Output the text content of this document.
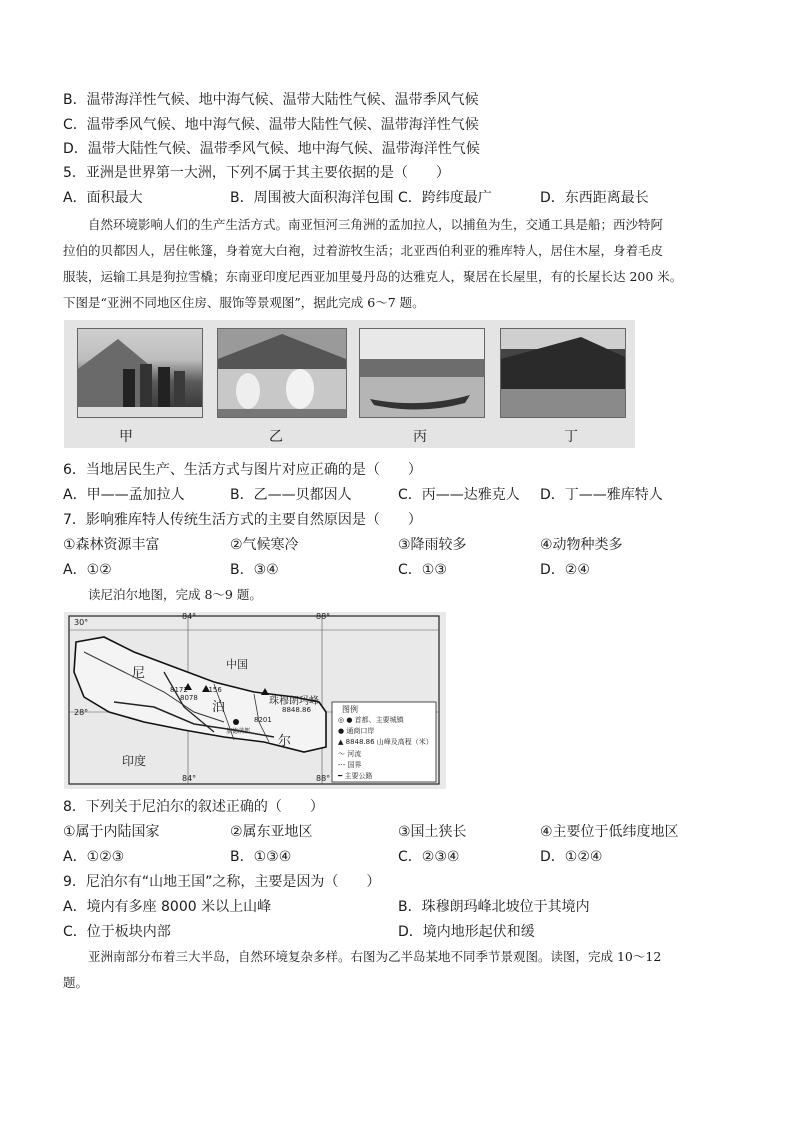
B．温带海洋性气候、地中海气候、温带大陆性气候、温带季风气候
C．温带季风气候、地中海气候、温带大陆性气候、温带海洋性气候
D．温带大陆性气候、温带季风气候、地中海气候、温带海洋性气候
5．亚洲是世界第一大洲，下列不属于其主要依据的是（　　）
A．面积最大	B．周围被大面积海洋包围 C．跨纬度最广	D．东西距离最长
　　自然环境影响人们的生产生活方式。南亚恒河三角洲的孟加拉人，以捕鱼为生，交通工具是船；西沙特阿
拉伯的贝都因人，居住帐篷，身着宽大白袍，过着游牧生活；北亚西伯利亚的雅库特人，居住木屋，身着毛皮
服装，运输工具是狗拉雪橇；东南亚印度尼西亚加里曼丹岛的达雅克人，聚居在长屋里，有的长屋长达 200 米。
下图是“亚洲不同地区住房、服饰等景观图”，据此完成 6～7 题。
甲	乙	丙	丁
6．当地居民生产、生活方式与图片对应正确的是（　　）
A．甲——孟加拉人	B．乙——贝都因人	C．丙——达雅克人 D．丁——雅库特人
7．影响雅库特人传统生活方式的主要自然原因是（　　）
①森林资源丰富	②气候寒冷	③降雨较多	④动物种类多
A．①②	B．③④	C．①③	D．②④
　　读尼泊尔地图，完成 8～9 题。
30°
28°
84°	88°
84°	88°
中国
尼
泊
尔
印度
珠穆朗玛峰
8848.86
8172
8078
8156
8201
加德满都
图例
◎ ● 首都、主要城镇
● 通商口岸
▲ 8848.86 山峰及高程（米）
～ 河流
-·- 国界
━ 主要公路
8．下列关于尼泊尔的叙述正确的（　　）
①属于内陆国家	②属东亚地区	③国土狭长	④主要位于低纬度地区
A．①②③	B．①③④	C．②③④	D．①②④
9．尼泊尔有“山地王国”之称，主要是因为（　　）
A．境内有多座 8000 米以上山峰	B．珠穆朗玛峰北坡位于其境内
C．位于板块内部	D．境内地形起伏和缓
　　亚洲南部分布着三大半岛，自然环境复杂多样。右图为乙半岛某地不同季节景观图。读图，完成 10～12
题。
